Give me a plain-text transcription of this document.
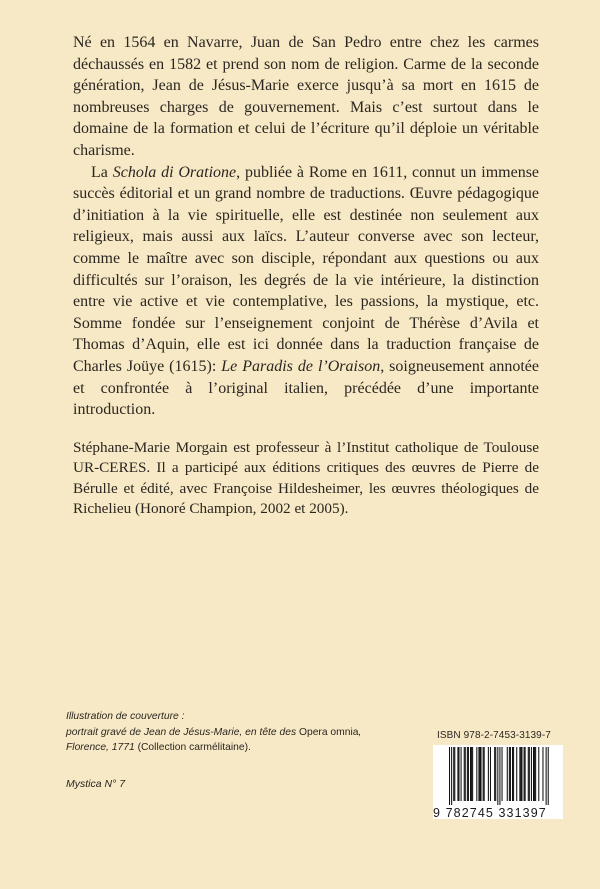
Né en 1564 en Navarre, Juan de San Pedro entre chez les carmes déchaussés en 1582 et prend son nom de religion. Carme de la seconde génération, Jean de Jésus-Marie exerce jusqu’à sa mort en 1615 de nombreuses charges de gouvernement. Mais c’est surtout dans le domaine de la formation et celui de l’écriture qu’il déploie un véritable charisme.

La Schola di Oratione, publiée à Rome en 1611, connut un immense succès éditorial et un grand nombre de traductions. Œuvre pédagogique d’initiation à la vie spirituelle, elle est destinée non seulement aux religieux, mais aussi aux laïcs. L’auteur converse avec son lecteur, comme le maître avec son disciple, répondant aux questions ou aux difficultés sur l’oraison, les degrés de la vie intérieure, la distinction entre vie active et vie contemplative, les passions, la mystique, etc. Somme fondée sur l’enseignement conjoint de Thérèse d’Avila et Thomas d’Aquin, elle est ici donnée dans la traduction française de Charles Joüye (1615): Le Paradis de l’Oraison, soigneusement annotée et confrontée à l’original italien, précédée d’une importante introduction.

Stéphane-Marie Morgain est professeur à l’Institut catholique de Toulouse UR-CERES. Il a participé aux éditions critiques des œuvres de Pierre de Bérulle et édité, avec Françoise Hildesheimer, les œuvres théologiques de Richelieu (Honoré Champion, 2002 et 2005).

Illustration de couverture :
portrait gravé de Jean de Jésus-Marie, en tête des Opera omnia,
Florence, 1771 (Collection carmélitaine).
Mystica N° 7
ISBN 978-2-7453-3139-7
9 782745 331397
